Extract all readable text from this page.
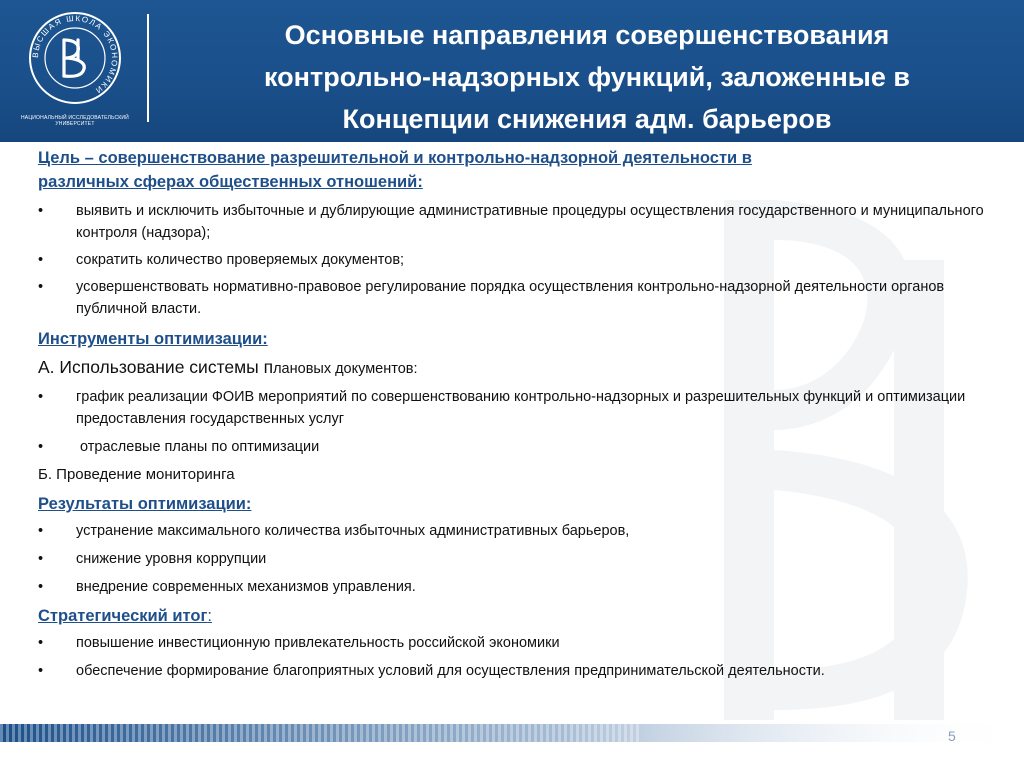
ВЫСШАЯ ШКОЛА ЭКОНОМИКИ
НАЦИОНАЛЬНЫЙ ИССЛЕДОВАТЕЛЬСКИЙ
УНИВЕРСИТЕТ
Основные направления совершенствования
контрольно-надзорных функций, заложенные в
Концепции снижения адм. барьеров
Цель – совершенствование разрешительной и контрольно-надзорной деятельности в
различных сферах общественных отношений:
• выявить и исключить избыточные и дублирующие административные процедуры осуществления государственного и муниципального контроля (надзора);
• сократить количество проверяемых документов;
• усовершенствовать нормативно-правовое регулирование порядка осуществления контрольно-надзорной деятельности органов публичной власти.
Инструменты оптимизации:
А. Использование системы плановых документов:
• график реализации ФОИВ мероприятий по совершенствованию контрольно-надзорных и разрешительных функций и оптимизации предоставления государственных услуг
•  отраслевые планы по оптимизации
Б. Проведение мониторинга
Результаты оптимизации:
• устранение максимального количества избыточных административных барьеров,
• снижение уровня коррупции
• внедрение современных механизмов управления.
Стратегический итог:
• повышение инвестиционную привлекательность российской экономики
• обеспечение формирование благоприятных условий для осуществления предпринимательской деятельности.
5
